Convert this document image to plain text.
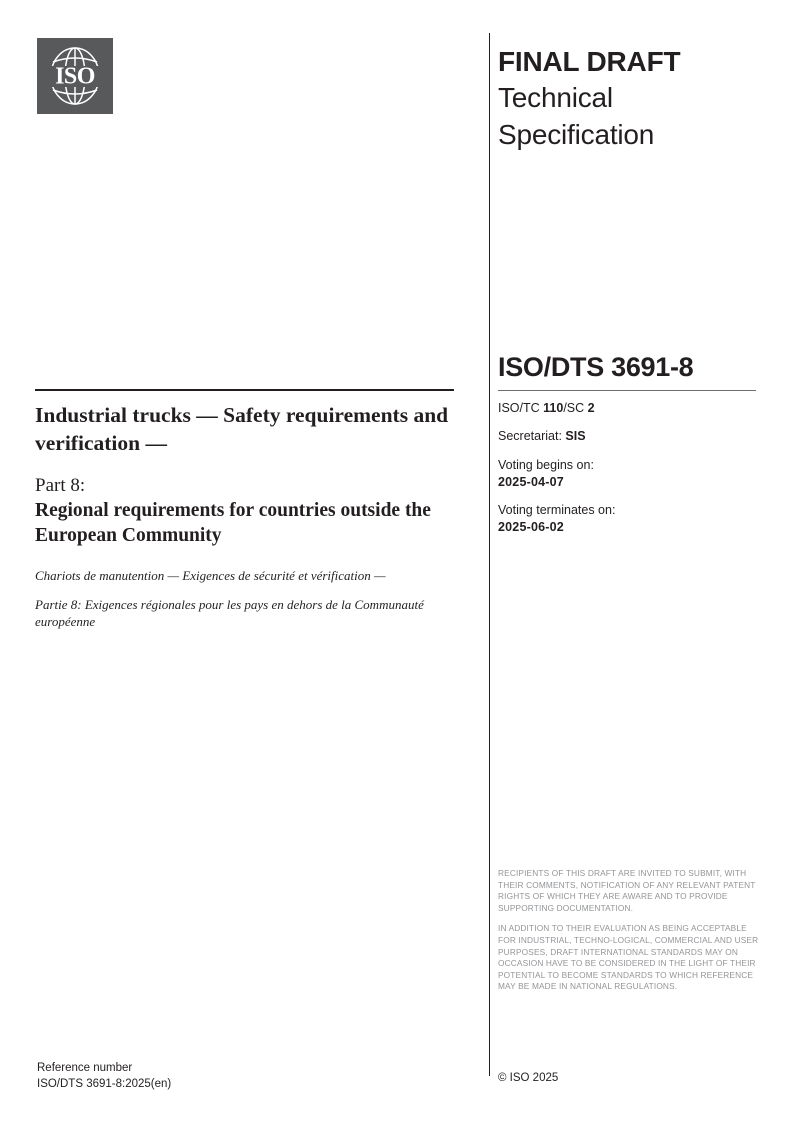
ISO	FINAL DRAFT
Technical
Specification
ISO/DTS 3691-8
ISO/TC 110/SC 2
Secretariat: SIS
Voting begins on:
2025-04-07
Voting terminates on:
2025-06-02
Industrial trucks — Safety requirements and verification —

Part 8:

Regional requirements for countries outside the European Community

Chariots de manutention — Exigences de sécurité et vérification —

Partie 8: Exigences régionales pour les pays en dehors de la Communauté européenne

RECIPIENTS OF THIS DRAFT ARE INVITED TO SUBMIT, WITH THEIR COMMENTS, NOTIFICATION OF ANY RELEVANT PATENT RIGHTS OF WHICH THEY ARE AWARE AND TO PROVIDE SUPPORTING DOCUMENTATION.

IN ADDITION TO THEIR EVALUATION AS BEING ACCEPTABLE FOR INDUSTRIAL, TECHNO-LOGICAL, COMMERCIAL AND USER PURPOSES, DRAFT INTERNATIONAL STANDARDS MAY ON OCCASION HAVE TO BE CONSIDERED IN THE LIGHT OF THEIR POTENTIAL TO BECOME STANDARDS TO WHICH REFERENCE MAY BE MADE IN NATIONAL REGULATIONS.

Reference number
ISO/DTS 3691-8:2025(en)
© ISO 2025
